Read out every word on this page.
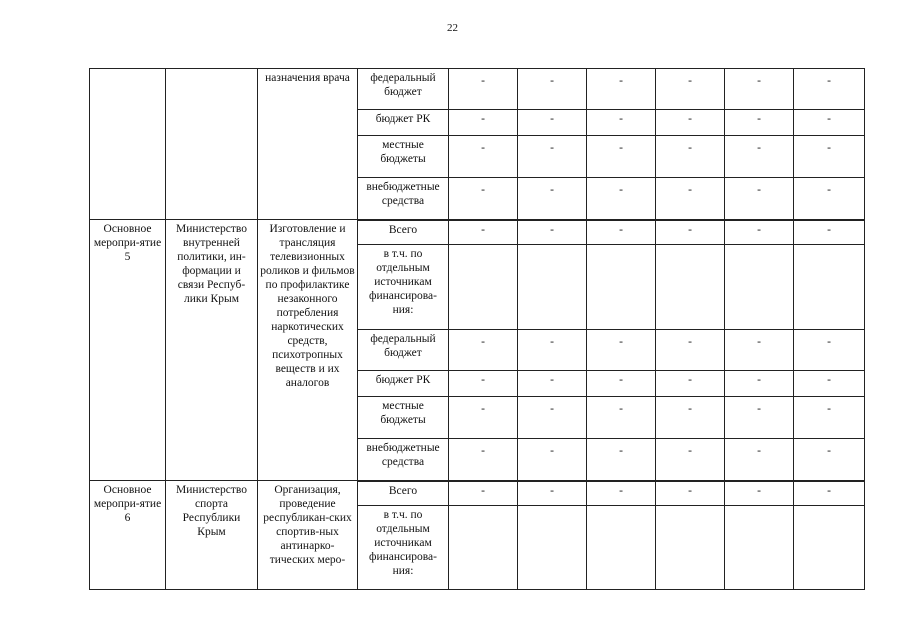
22
		назначения врача	федеральный бюджет	-	-	-	-	-	-
			бюджет РК	-	-	-	-	-	-
			местные бюджеты	-	-	-	-	-	-
			внебюджетные средства	-	-	-	-	-	-
Основное меропри-ятие 5	Министерство внутренней политики, ин-формации и связи Респуб-лики Крым	Изготовление и трансляция телевизионных роликов и фильмов по профилактике незаконного потребления наркотических средств, психотропных веществ и их аналогов	Всего	-	-	-	-	-	-
			в т.ч. по отдельным источникам финансирова-ния:						
			федеральный бюджет	-	-	-	-	-	-
			бюджет РК	-	-	-	-	-	-
			местные бюджеты	-	-	-	-	-	-
			внебюджетные средства	-	-	-	-	-	-
Основное меропри-ятие 6	Министерство спорта Республики Крым	Организация, проведение республикан-ских спортив-ных антинарко-тических меро-	Всего	-	-	-	-	-	-
			в т.ч. по отдельным источникам финансирова-ния:						
